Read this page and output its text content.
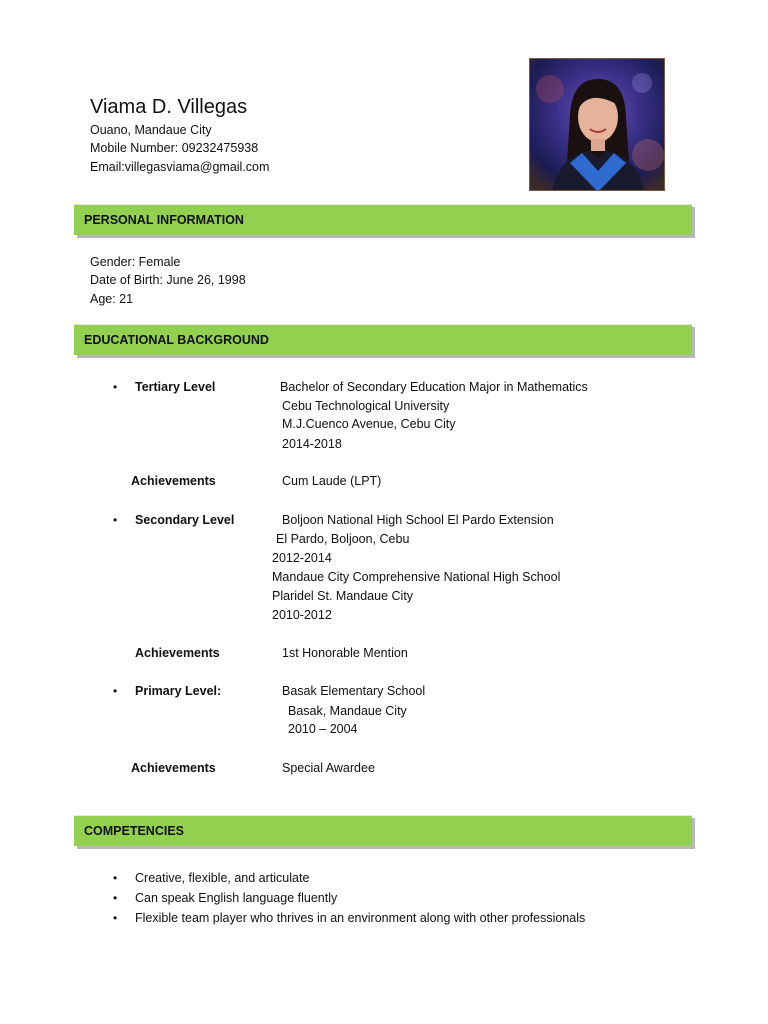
Viama D. Villegas
Ouano, Mandaue City
Mobile Number: 09232475938
Email:villegasviama@gmail.com
PERSONAL INFORMATION
Gender: Female
Date of Birth: June 26, 1998
Age: 21
EDUCATIONAL BACKGROUND
• Tertiary Level	Bachelor of Secondary Education Major in Mathematics
Cebu Technological University
M.J.Cuenco Avenue, Cebu City
2014-2018
Achievements	Cum Laude (LPT)
• Secondary Level	Boljoon National High School El Pardo Extension
El Pardo, Boljoon, Cebu
2012-2014
Mandaue City Comprehensive National High School
Plaridel St. Mandaue City
2010-2012
Achievements	1st Honorable Mention
• Primary Level:	Basak Elementary School
Basak, Mandaue City
2010 – 2004
Achievements	Special Awardee
COMPETENCIES
• Creative, flexible, and articulate
• Can speak English language fluently
• Flexible team player who thrives in an environment along with other professionals
